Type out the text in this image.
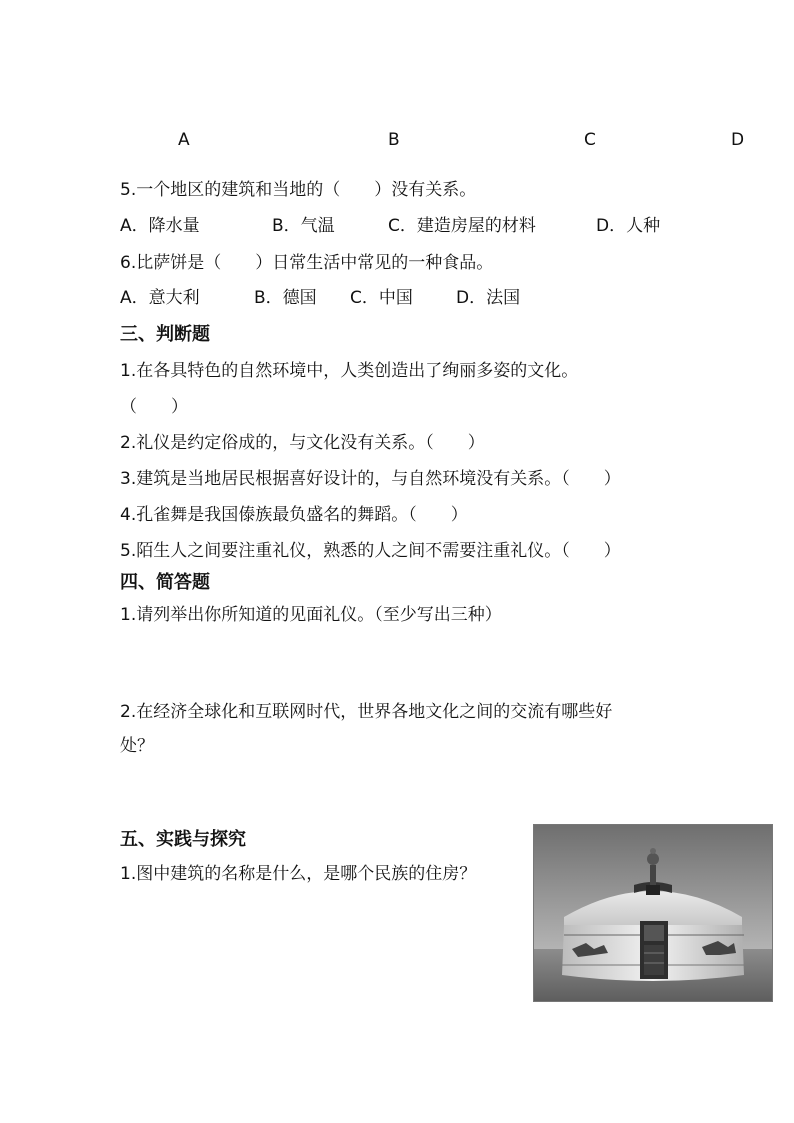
A	B	C	D
5.一个地区的建筑和当地的（　　）没有关系。
A．降水量	B．气温	C．建造房屋的材料	D．人种
6.比萨饼是（　　）日常生活中常见的一种食品。
A．意大利	B．德国 C．中国	D．法国
三、判断题
1.在各具特色的自然环境中，人类创造出了绚丽多姿的文化。
（　　）
2.礼仪是约定俗成的，与文化没有关系。（　　）
3.建筑是当地居民根据喜好设计的，与自然环境没有关系。（　　）
4.孔雀舞是我国傣族最负盛名的舞蹈。（　　）
5.陌生人之间要注重礼仪，熟悉的人之间不需要注重礼仪。（　　）
四、简答题
1.请列举出你所知道的见面礼仪。（至少写出三种）
2.在经济全球化和互联网时代，世界各地文化之间的交流有哪些好
处？
五、实践与探究
1.图中建筑的名称是什么，是哪个民族的住房？
